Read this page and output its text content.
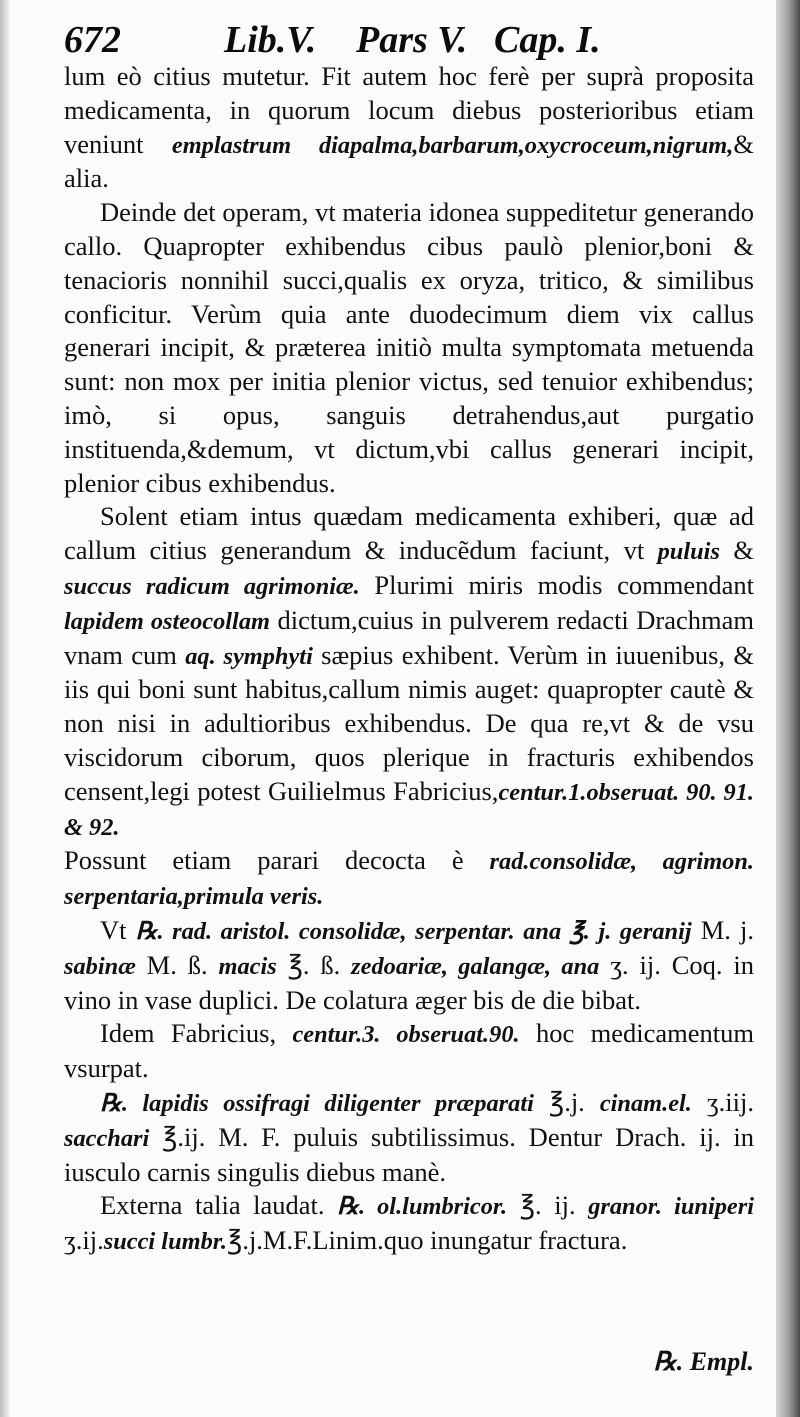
672	Lib.V. Pars V. Cap. I.

lum eò citius mutetur. Fit autem hoc ferè per suprà proposita medicamenta, in quorum locum diebus posterioribus etiam veniunt emplastrum diapalma,barbarum,oxycroceum,nigrum,& alia.

Deinde det operam, vt materia idonea suppeditetur generando callo. Quapropter exhibendus cibus paulò plenior,boni & tenacioris nonnihil succi,qualis ex oryza, tritico, & similibus conficitur. Verùm quia ante duodecimum diem vix callus generari incipit, & præterea initiò multa symptomata metuenda sunt: non mox per initia plenior victus, sed tenuior exhibendus; imò, si opus, sanguis detrahendus,aut purgatio instituenda,&demum, vt dictum,vbi callus generari incipit, plenior cibus exhibendus.

Solent etiam intus quædam medicamenta exhiberi, quæ ad callum citius generandum & inducẽdum faciunt, vt puluis & succus radicum agrimoniæ. Plurimi miris modis commendant lapidem osteocollam dictum,cuius in pulverem redacti Drachmam vnam cum aq. symphyti sæpius exhibent. Verùm in iuuenibus, & iis qui boni sunt habitus,callum nimis auget: quapropter cautè & non nisi in adultioribus exhibendus. De qua re,vt & de vsu viscidorum ciborum, quos plerique in fracturis exhibendos censent,legi potest Guilielmus Fabricius,centur.1.obseruat. 90. 91. & 92.

Possunt etiam parari decocta è rad.consolidæ, agrimon. serpentaria,primula veris.

Vt ℞. rad. aristol. consolidæ, serpentar. ana ℥. j. geranij M. j. sabinæ M. ß. macis ℥. ß. zedoariæ, galangæ, ana ʒ. ij. Coq. in vino in vase duplici. De colatura æger bis de die bibat.

Idem Fabricius, centur.3. obseruat.90. hoc medicamentum vsurpat.

℞. lapidis ossifragi diligenter præparati ℥.j. cinam.el. ʒ.iij. sacchari ℥.ij. M. F. puluis subtilissimus. Dentur Drach. ij. in iusculo carnis singulis diebus manè.

Externa talia laudat. ℞. ol.lumbricor. ℥. ij. granor. iuniperi ʒ.ij.succi lumbr.℥.j.M.F.Linim.quo inungatur fractura.

℞. Empl.
